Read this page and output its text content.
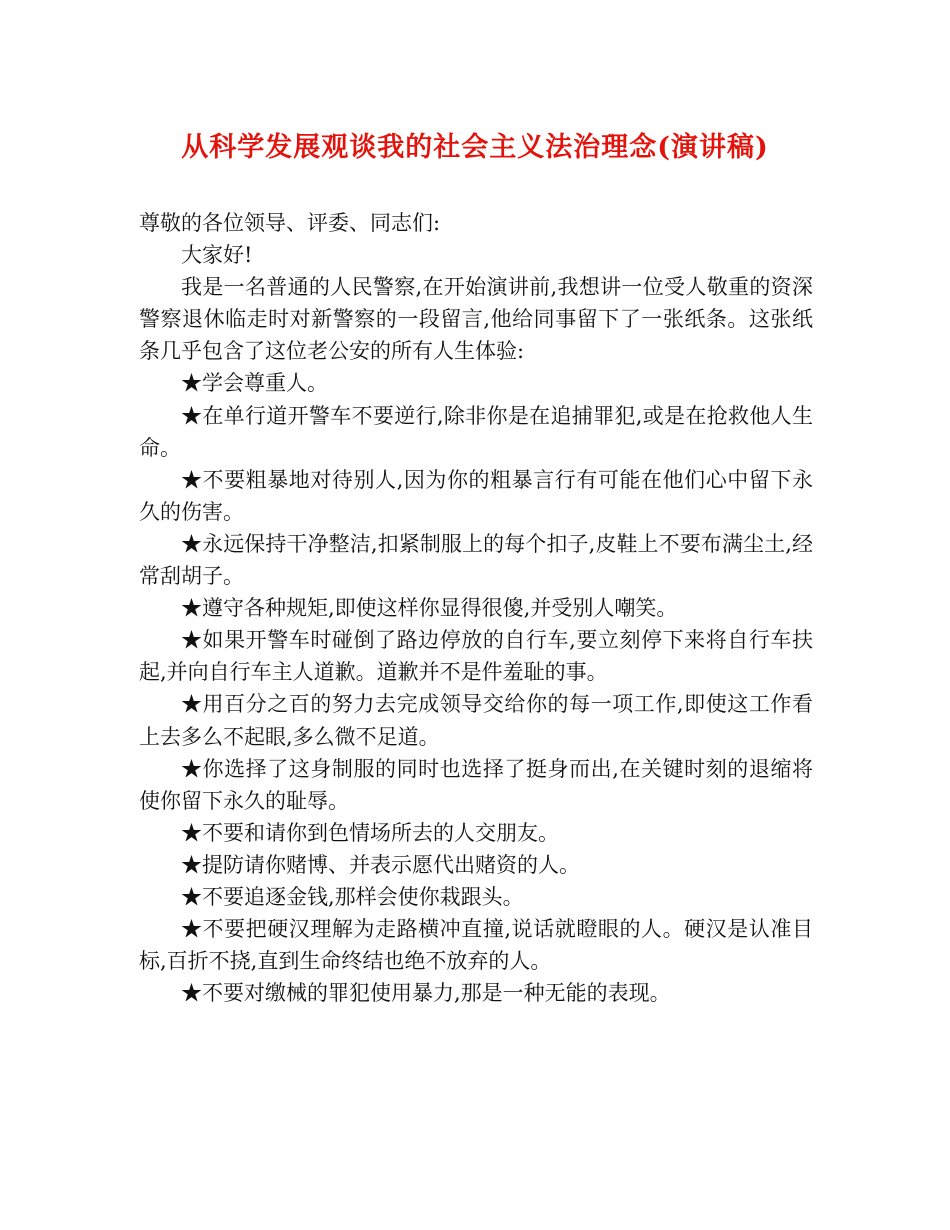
从科学发展观谈我的社会主义法治理念(演讲稿)

尊敬的各位领导、评委、同志们:

大家好!

我是一名普通的人民警察,在开始演讲前,我想讲一位受人敬重的资深警察退休临走时对新警察的一段留言,他给同事留下了一张纸条。这张纸条几乎包含了这位老公安的所有人生体验:

★学会尊重人。

★在单行道开警车不要逆行,除非你是在追捕罪犯,或是在抢救他人生命。

★不要粗暴地对待别人,因为你的粗暴言行有可能在他们心中留下永久的伤害。

★永远保持干净整洁,扣紧制服上的每个扣子,皮鞋上不要布满尘土,经常刮胡子。

★遵守各种规矩,即使这样你显得很傻,并受别人嘲笑。

★如果开警车时碰倒了路边停放的自行车,要立刻停下来将自行车扶起,并向自行车主人道歉。道歉并不是件羞耻的事。

★用百分之百的努力去完成领导交给你的每一项工作,即使这工作看上去多么不起眼,多么微不足道。

★你选择了这身制服的同时也选择了挺身而出,在关键时刻的退缩将使你留下永久的耻辱。

★不要和请你到色情场所去的人交朋友。

★提防请你赌博、并表示愿代出赌资的人。

★不要追逐金钱,那样会使你栽跟头。

★不要把硬汉理解为走路横冲直撞,说话就瞪眼的人。硬汉是认准目标,百折不挠,直到生命终结也绝不放弃的人。

★不要对缴械的罪犯使用暴力,那是一种无能的表现。
